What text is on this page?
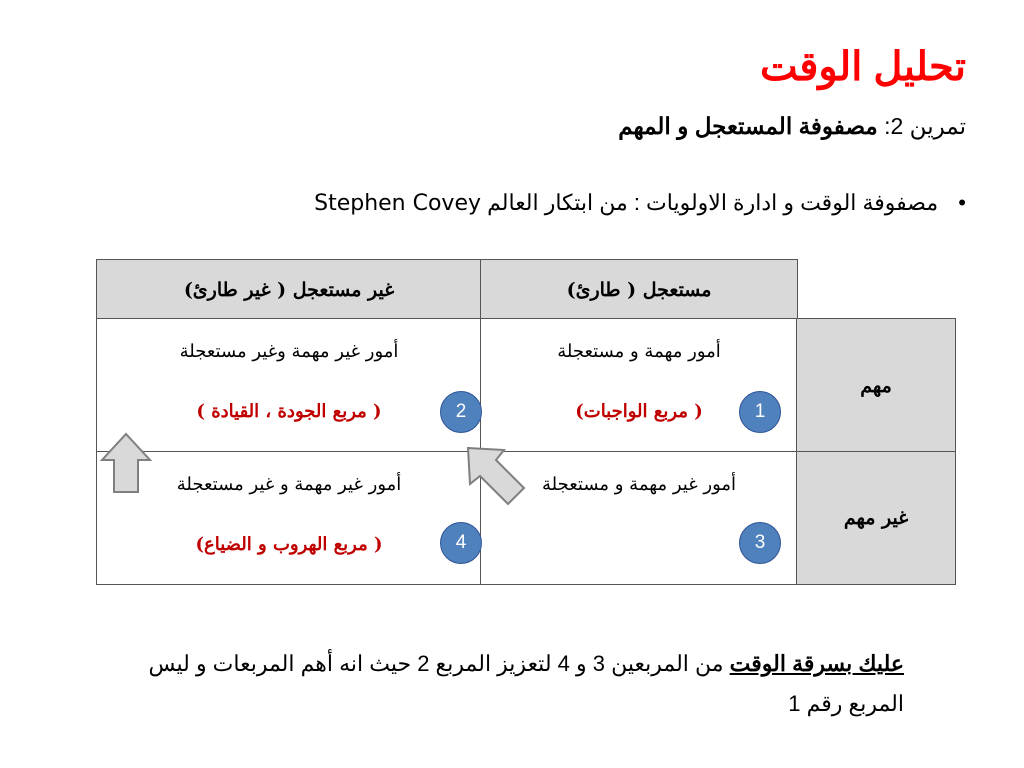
تحليل الوقت
تمرين 2: مصفوفة المستعجل و المهم
• مصفوفة الوقت و ادارة الاولويات : من ابتكار العالم Stephen Covey
غير مستعجل ( غير طارئ)	مستعجل ( طارئ)
أمور غير مهمة وغير مستعجلة
( مربع الجودة ، القيادة )
أمور مهمة و مستعجلة
( مربع الواجبات)
مهم
أمور غير مهمة و غير مستعجلة
( مربع الهروب و الضياع)
أمور غير مهمة و مستعجلة
غير مهم
1
2
3
4
عليك بسرقة الوقت من المربعين 3 و 4 لتعزيز المربع 2 حيث انه أهم المربعات و ليس المربع رقم 1
